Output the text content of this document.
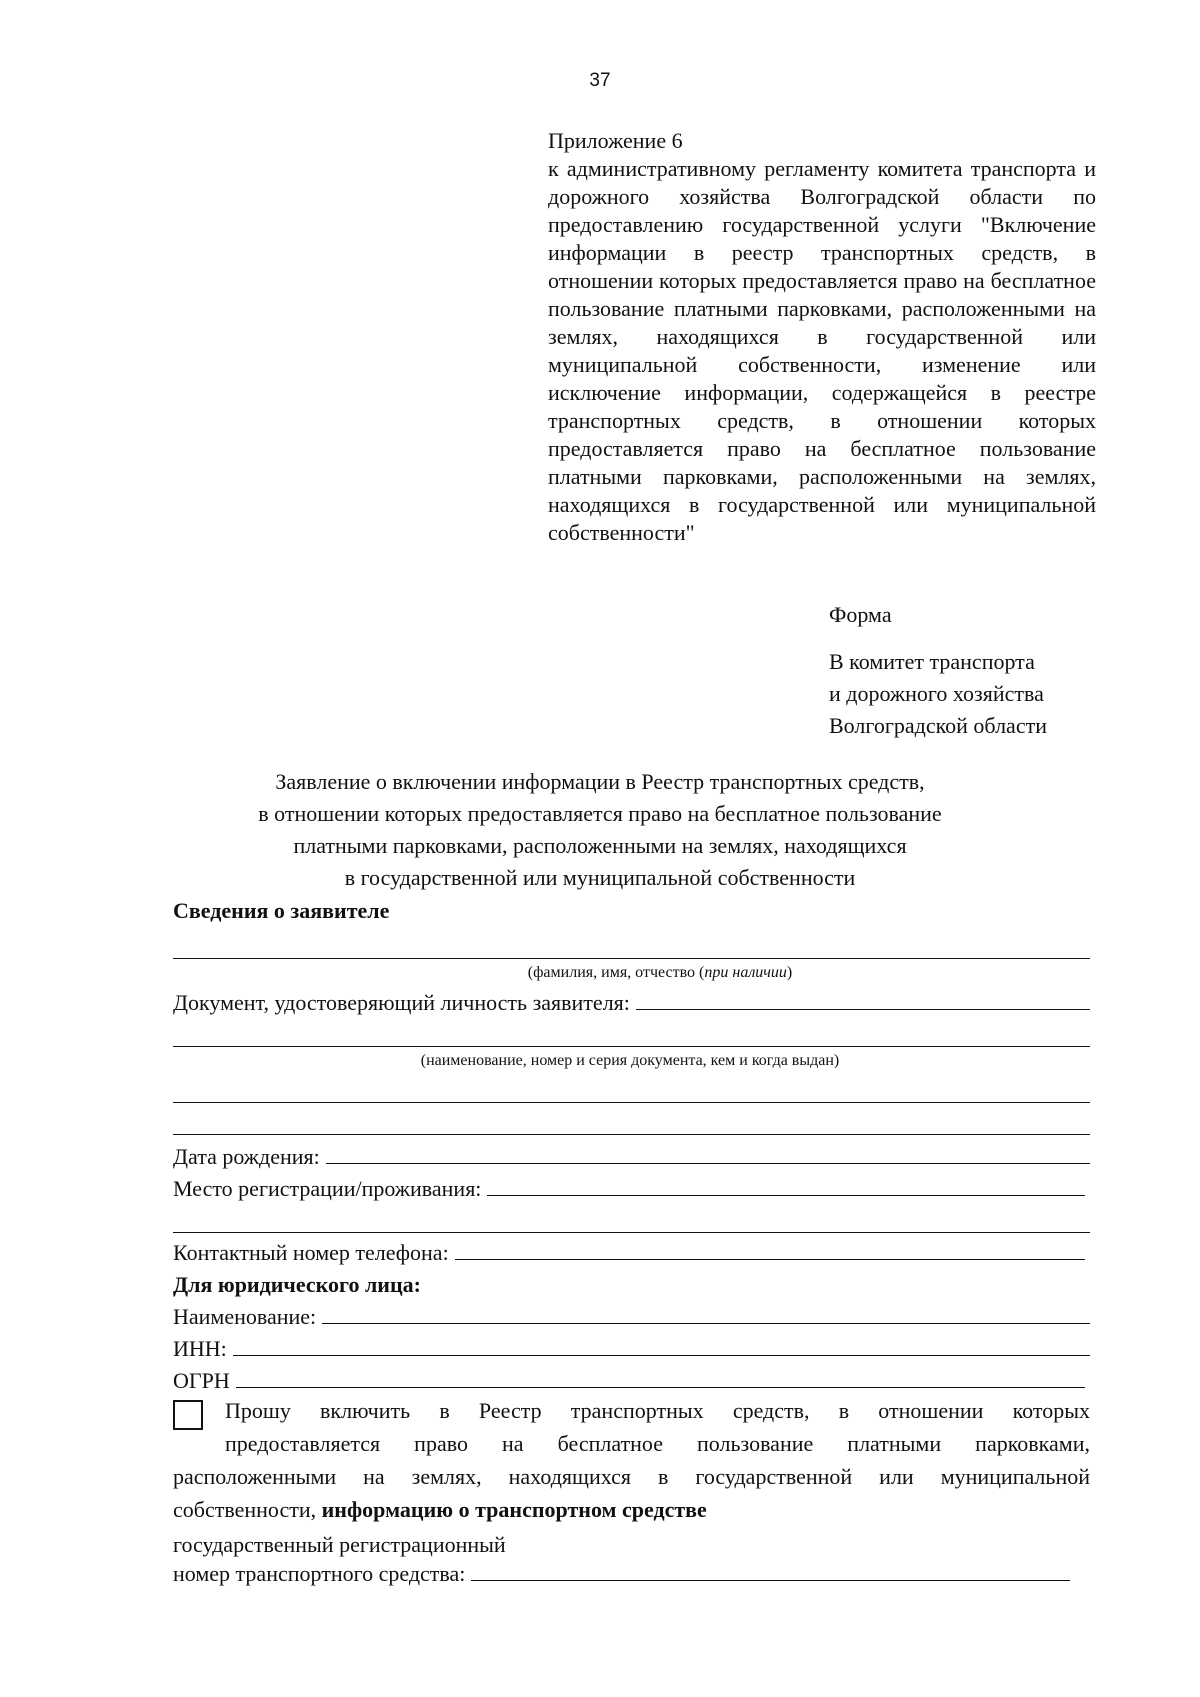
37
Приложение 6
к административному регламенту комитета транспорта и дорожного хозяйства Волгоградской области по предоставлению государственной услуги "Включение информации в реестр транспортных средств, в отношении которых предоставляется право на бесплатное пользование платными парковками, расположенными на землях, находящихся в государственной или муниципальной собственности, изменение или исключение информации, содержащейся в реестре транспортных средств, в отношении которых предоставляется право на бесплатное пользование платными парковками, расположенными на землях, находящихся в государственной или муниципальной собственности"
Форма
В комитет транспорта
и дорожного хозяйства
Волгоградской области
Заявление о включении информации в Реестр транспортных средств,
в отношении которых предоставляется право на бесплатное пользование
платными парковками, расположенными на землях, находящихся
в государственной или муниципальной собственности
Сведения о заявителе
(фамилия, имя, отчество (при наличии)
Документ, удостоверяющий личность заявителя:
(наименование, номер и серия документа, кем и когда выдан)
Дата рождения:
Место регистрации/проживания:
Контактный номер телефона:
Для юридического лица:
Наименование:
ИНН:
ОГРН
Прошу включить в Реестр транспортных средств, в отношении которых
предоставляется право на бесплатное пользование платными парковками,
расположенными на землях, находящихся в государственной или муниципальной
собственности, информацию о транспортном средстве
государственный регистрационный
номер транспортного средства:
